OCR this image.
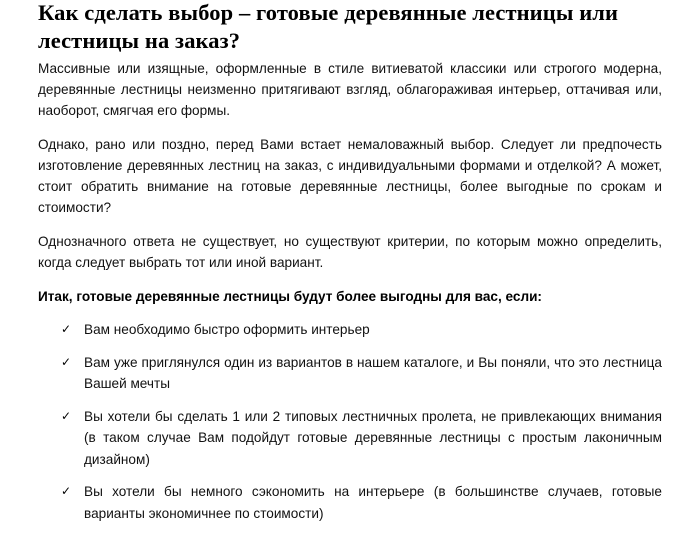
Как сделать выбор – готовые деревянные лестницы или лестницы на заказ?

Массивные или изящные, оформленные в стиле витиеватой классики или строгого модерна, деревянные лестницы неизменно притягивают взгляд, облагораживая интерьер, оттачивая или, наоборот, смягчая его формы.

Однако, рано или поздно, перед Вами встает немаловажный выбор. Следует ли предпочесть изготовление деревянных лестниц на заказ, с индивидуальными формами и отделкой? А может, стоит обратить внимание на готовые деревянные лестницы, более выгодные по срокам и стоимости?

Однозначного ответа не существует, но существуют критерии, по которым можно определить, когда следует выбрать тот или иной вариант.

Итак, готовые деревянные лестницы будут более выгодны для вас, если:

✓ Вам необходимо быстро оформить интерьер
✓ Вам уже приглянулся один из вариантов в нашем каталоге, и Вы поняли, что это лестница Вашей мечты
✓ Вы хотели бы сделать 1 или 2 типовых лестничных пролета, не привлекающих внимания (в таком случае Вам подойдут готовые деревянные лестницы с простым лаконичным дизайном)
✓ Вы хотели бы немного сэкономить на интерьере (в большинстве случаев, готовые варианты экономичнее по стоимости)
